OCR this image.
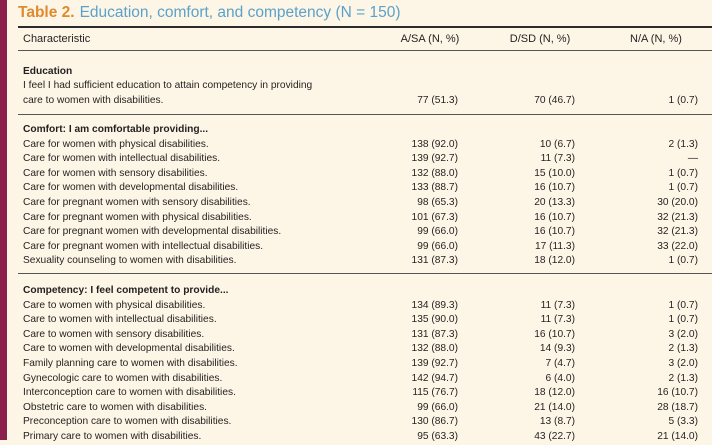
Table 2. Education, comfort, and competency (N = 150)
Characteristic	A/SA (N, %)	D/SD (N, %)	N/A (N, %)
Education
I feel I had sufficient education to attain competency in providing
care to women with disabilities.	77 (51.3)	70 (46.7)	1 (0.7)
Comfort: I am comfortable providing...
Care for women with physical disabilities.	138 (92.0)	10 (6.7)	2 (1.3)
Care for women with intellectual disabilities.	139 (92.7)	11 (7.3)	—
Care for women with sensory disabilities.	132 (88.0)	15 (10.0)	1 (0.7)
Care for women with developmental disabilities.	133 (88.7)	16 (10.7)	1 (0.7)
Care for pregnant women with sensory disabilities.	98 (65.3)	20 (13.3)	30 (20.0)
Care for pregnant women with physical disabilities.	101 (67.3)	16 (10.7)	32 (21.3)
Care for pregnant women with developmental disabilities.	99 (66.0)	16 (10.7)	32 (21.3)
Care for pregnant women with intellectual disabilities.	99 (66.0)	17 (11.3)	33 (22.0)
Sexuality counseling to women with disabilities.	131 (87.3)	18 (12.0)	1 (0.7)
Competency: I feel competent to provide...
Care to women with physical disabilities.	134 (89.3)	11 (7.3)	1 (0.7)
Care to women with intellectual disabilities.	135 (90.0)	11 (7.3)	1 (0.7)
Care to women with sensory disabilities.	131 (87.3)	16 (10.7)	3 (2.0)
Care to women with developmental disabilities.	132 (88.0)	14 (9.3)	2 (1.3)
Family planning care to women with disabilities.	139 (92.7)	7 (4.7)	3 (2.0)
Gynecologic care to women with disabilities.	142 (94.7)	6 (4.0)	2 (1.3)
Interconception care to women with disabilities.	115 (76.7)	18 (12.0)	16 (10.7)
Obstetric care to women with disabilities.	99 (66.0)	21 (14.0)	28 (18.7)
Preconception care to women with disabilities.	130 (86.7)	13 (8.7)	5 (3.3)
Primary care to women with disabilities.	95 (63.3)	43 (22.7)	21 (14.0)
